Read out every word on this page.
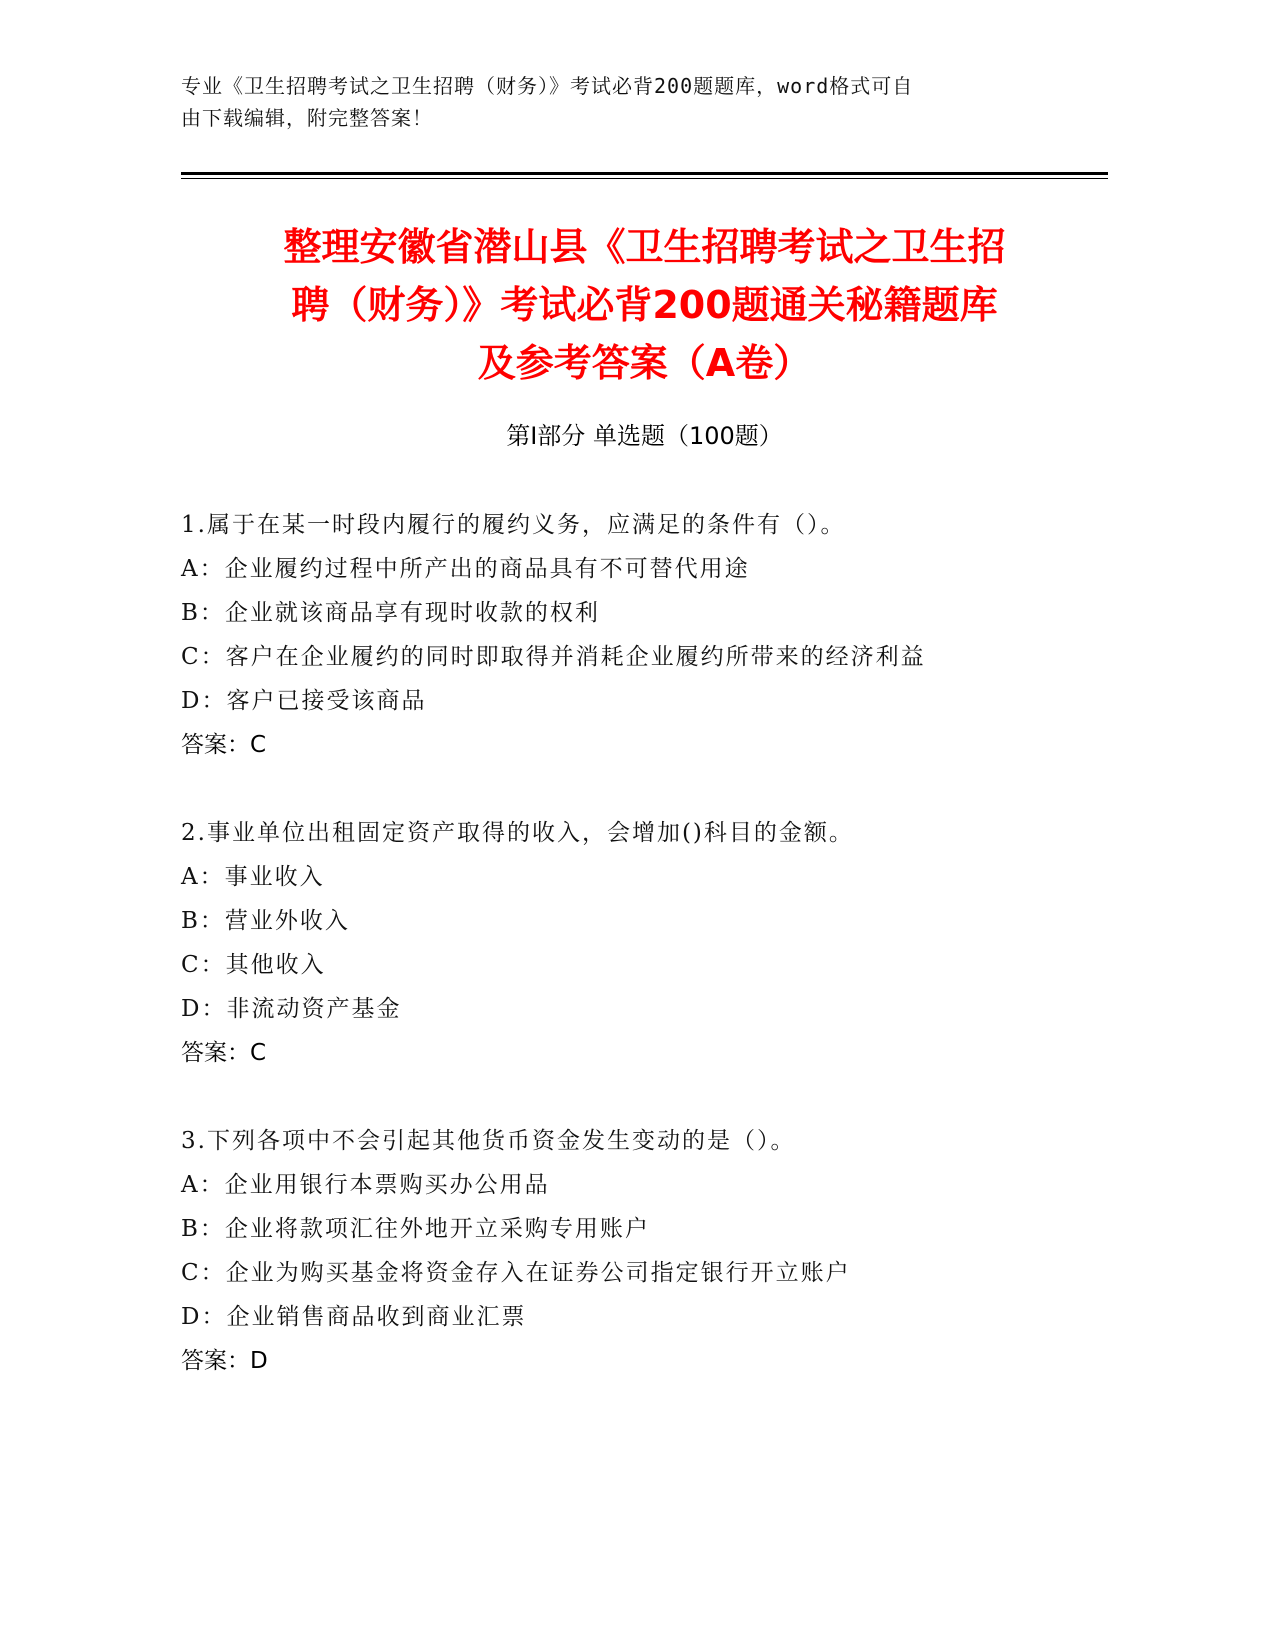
专业《卫生招聘考试之卫生招聘（财务）》考试必背200题题库，word格式可自
由下载编辑，附完整答案！
整理安徽省潜山县《卫生招聘考试之卫生招
聘（财务）》考试必背200题通关秘籍题库
及参考答案（A卷）
第Ⅰ部分 单选题（100题）
1.属于在某一时段内履行的履约义务，应满足的条件有（）。
A：企业履约过程中所产出的商品具有不可替代用途
B：企业就该商品享有现时收款的权利
C：客户在企业履约的同时即取得并消耗企业履约所带来的经济利益
D：客户已接受该商品
答案：C
2.事业单位出租固定资产取得的收入，会增加()科目的金额。
A：事业收入
B：营业外收入
C：其他收入
D：非流动资产基金
答案：C
3.下列各项中不会引起其他货币资金发生变动的是（）。
A：企业用银行本票购买办公用品
B：企业将款项汇往外地开立采购专用账户
C：企业为购买基金将资金存入在证券公司指定银行开立账户
D：企业销售商品收到商业汇票
答案：D
